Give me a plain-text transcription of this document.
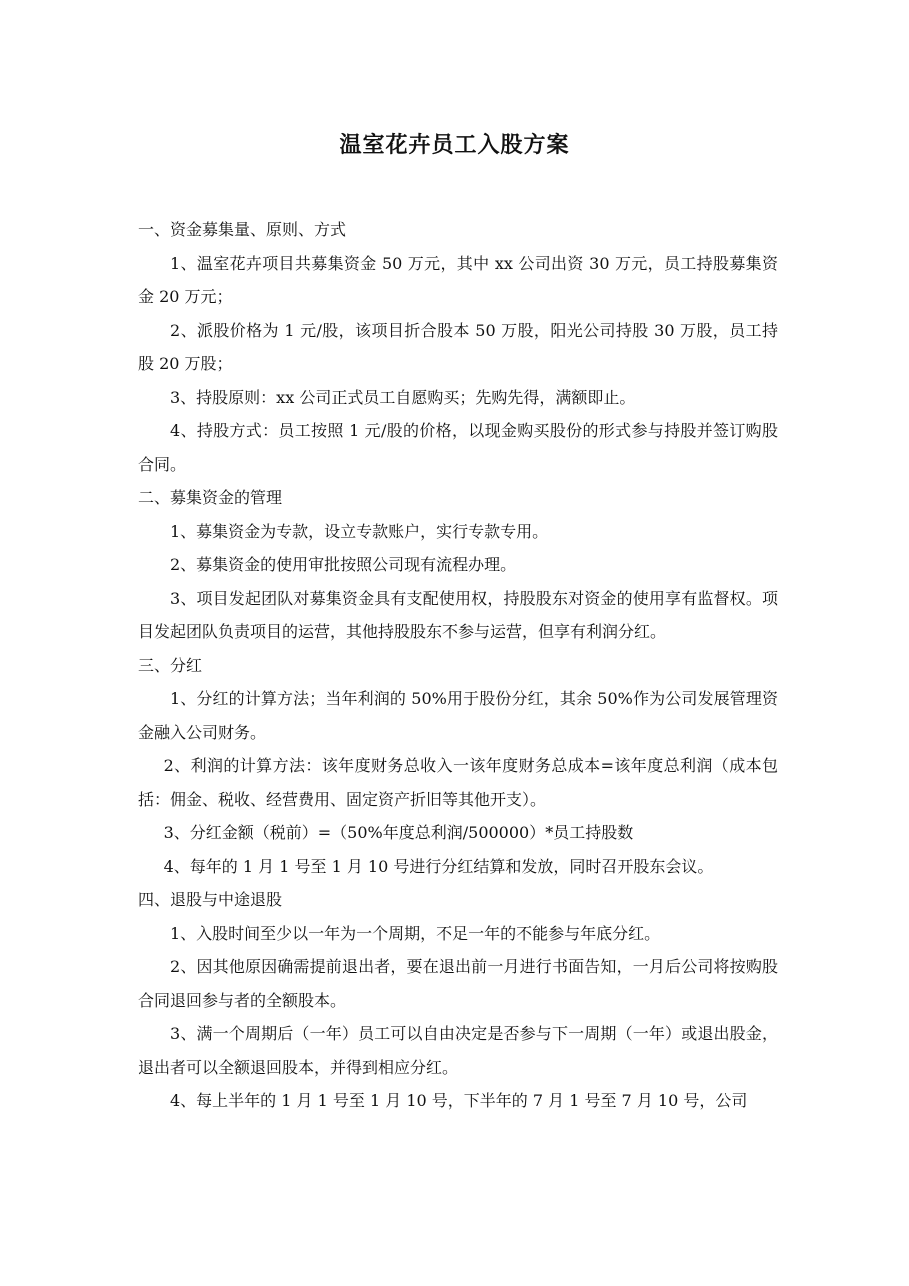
温室花卉员工入股方案

一、资金募集量、原则、方式

1、温室花卉项目共募集资金 50 万元，其中 xx 公司出资 30 万元，员工持股募集资金 20 万元；

2、派股价格为 1 元/股，该项目折合股本 50 万股，阳光公司持股 30 万股，员工持股 20 万股；

3、持股原则：xx 公司正式员工自愿购买；先购先得，满额即止。

4、持股方式：员工按照 1 元/股的价格，以现金购买股份的形式参与持股并签订购股合同。

二、募集资金的管理

1、募集资金为专款，设立专款账户，实行专款专用。

2、募集资金的使用审批按照公司现有流程办理。

3、项目发起团队对募集资金具有支配使用权，持股股东对资金的使用享有监督权。项目发起团队负责项目的运营，其他持股股东不参与运营，但享有利润分红。

三、分红

1、分红的计算方法；当年利润的 50%用于股份分红，其余 50%作为公司发展管理资金融入公司财务。

2、利润的计算方法：该年度财务总收入一该年度财务总成本=该年度总利润（成本包括：佣金、税收、经营费用、固定资产折旧等其他开支）。

3、分红金额（税前）=（50%年度总利润/500000）*员工持股数

4、每年的 1 月 1 号至 1 月 10 号进行分红结算和发放，同时召开股东会议。

四、退股与中途退股

1、入股时间至少以一年为一个周期，不足一年的不能参与年底分红。

2、因其他原因确需提前退出者，要在退出前一月进行书面告知，一月后公司将按购股合同退回参与者的全额股本。

3、满一个周期后（一年）员工可以自由决定是否参与下一周期（一年）或退出股金，退出者可以全额退回股本，并得到相应分红。

4、每上半年的 1 月 1 号至 1 月 10 号，下半年的 7 月 1 号至 7 月 10 号，公司
